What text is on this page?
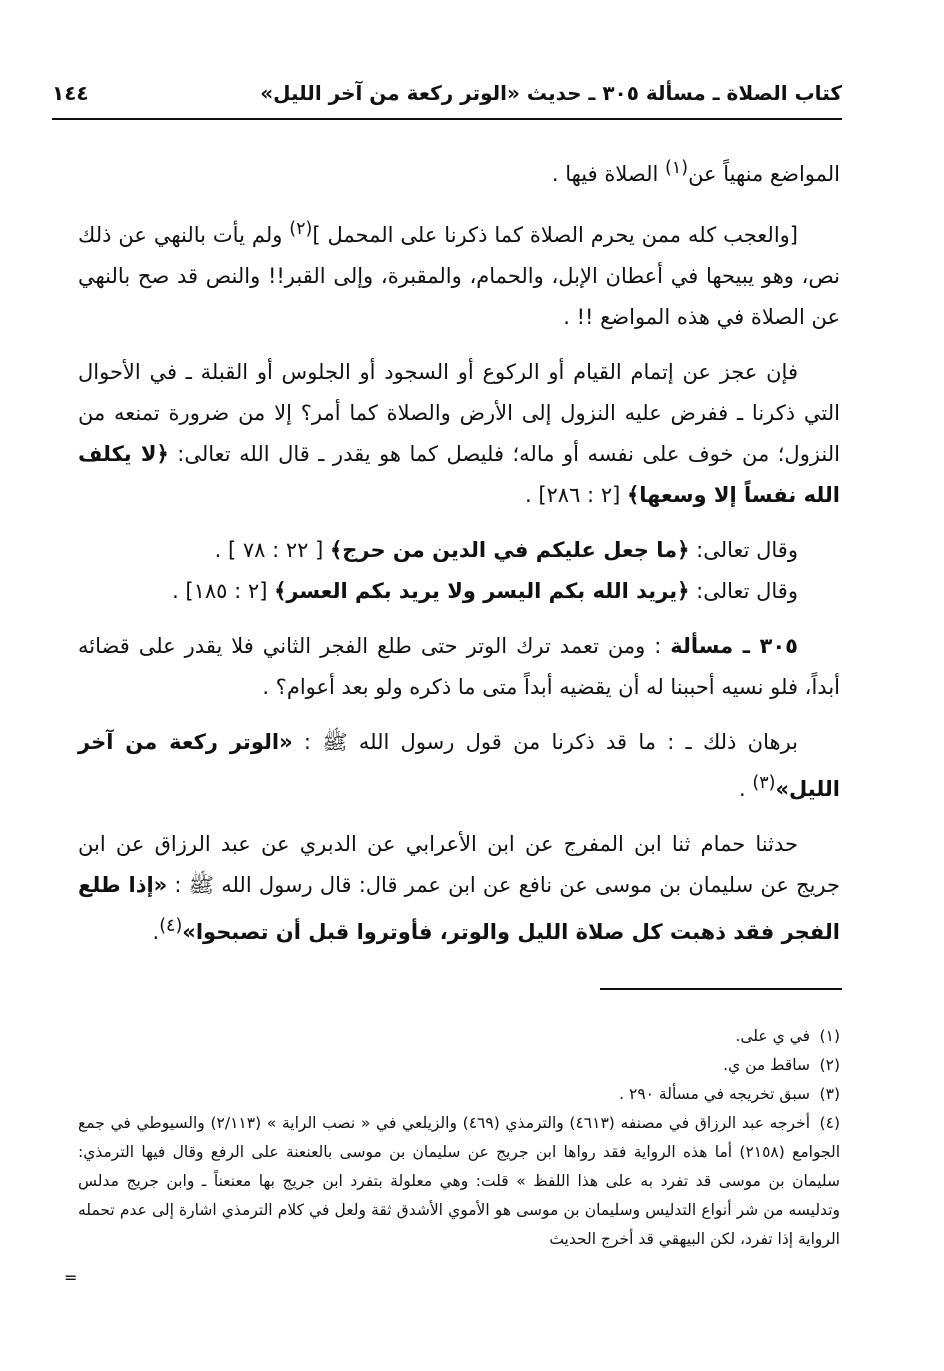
كتاب الصلاة ـ مسألة ٣٠٥ ـ حديث «الوتر ركعة من آخر الليل»
١٤٤

المواضع منهياً عن$^{(١)}$ الصلاة فيها .

[والعجب كله ممن يحرم الصلاة كما ذكرنا على المحمل ]$^{(٢)}$ ولم يأت بالنهي عن ذلك نص، وهو يبيحها في أعطان الإبل، والحمام، والمقبرة، وإلى القبر!! والنص قد صح بالنهي عن الصلاة في هذه المواضع !! .

فإن عجز عن إتمام القيام أو الركوع أو السجود أو الجلوس أو القبلة ـ في الأحوال التي ذكرنا ـ ففرض عليه النزول إلى الأرض والصلاة كما أمر؟ إلا من ضرورة تمنعه من النزول؛ من خوف على نفسه أو ماله؛ فليصل كما هو يقدر ـ قال الله تعالى: ﴿لا يكلف الله نفساً إلا وسعها﴾ [٢ : ٢٨٦] .

وقال تعالى: ﴿ما جعل عليكم في الدين من حرج﴾ [ ٢٢ : ٧٨ ] .
وقال تعالى: ﴿يريد الله بكم اليسر ولا يريد بكم العسر﴾ [٢ : ١٨٥] .

٣٠٥ ـ مسألة : ومن تعمد ترك الوتر حتى طلع الفجر الثاني فلا يقدر على قضائه أبداً، فلو نسيه أحببنا له أن يقضيه أبداً متى ما ذكره ولو بعد أعوام؟ .

برهان ذلك ـ : ما قد ذكرنا من قول رسول الله ﷺ : «الوتر ركعة من آخر الليل»$^{(٣)}$ .

حدثنا حمام ثنا ابن المفرج عن ابن الأعرابي عن الدبري عن عبد الرزاق عن ابن جريج عن سليمان بن موسى عن نافع عن ابن عمر قال: قال رسول الله ﷺ : «إذا طلع الفجر فقد ذهبت كل صلاة الليل والوتر، فأوتروا قبل أن تصبحوا»$^{(٤)}$.

(١)في ي على.

(٢)ساقط من ي.

(٣)سبق تخريجه في مسألة ٢٩٠ .

(٤)أخرجه عبد الرزاق في مصنفه (٤٦١٣) والترمذي (٤٦٩) والزيلعي في « نصب الراية » (٢/١١٣) والسيوطي في جمع الجوامع (٢١٥٨) أما هذه الرواية فقد رواها ابن جريج عن سليمان بن موسى بالعنعنة على الرفع وقال فيها الترمذي: سليمان بن موسى قد تفرد به على هذا اللفظ » قلت: وهي معلولة بتفرد ابن جريج بها معنعناً ـ وابن جريج مدلس وتدليسه من شر أنواع التدليس وسليمان بن موسى هو الأموي الأشدق ثقة ولعل في كلام الترمذي اشارة إلى عدم تحمله الرواية إذا تفرد، لكن البيهقي قد أخرج الحديث

=
